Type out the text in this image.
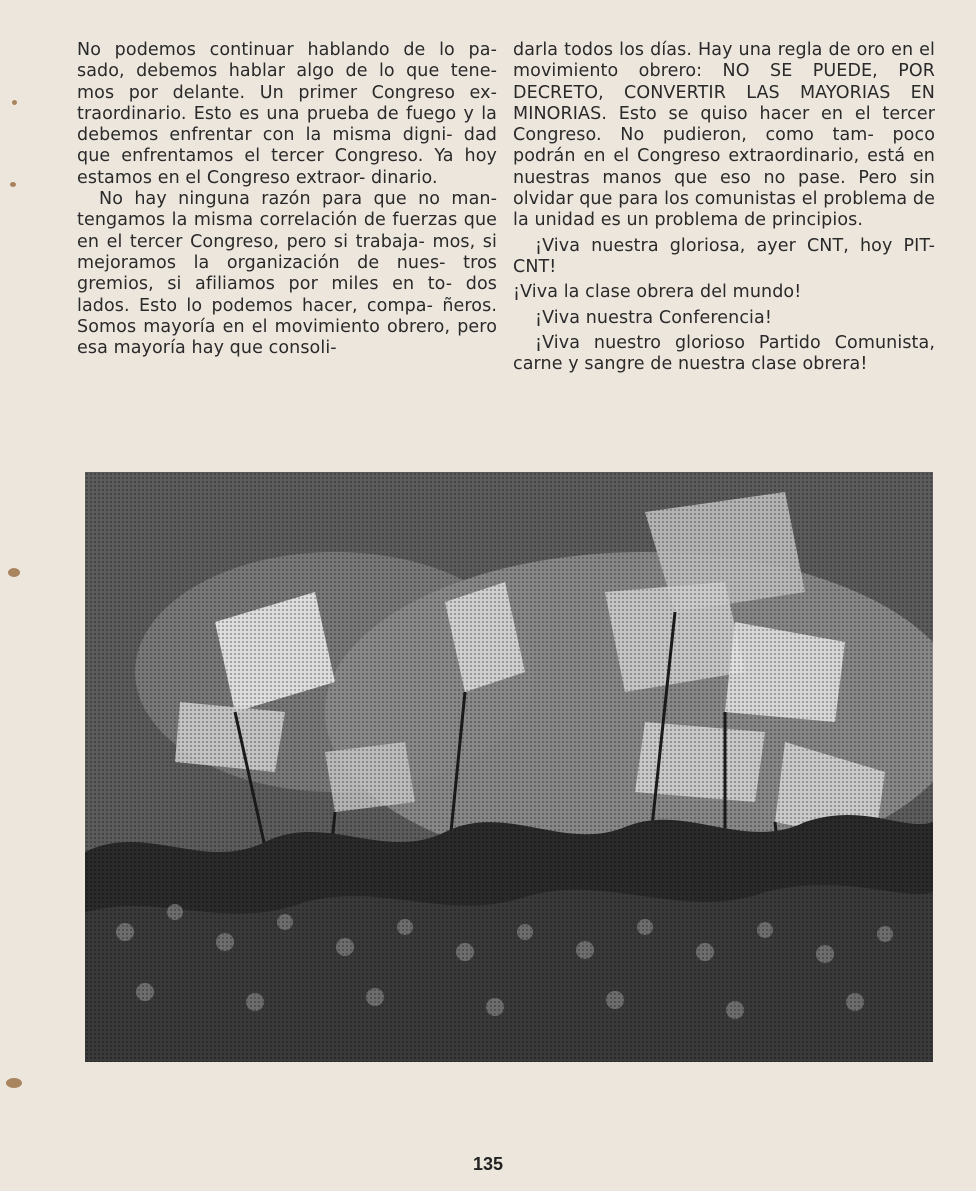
No podemos continuar hablando de lo pa- sado, debemos hablar algo de lo que tene- mos por delante. Un primer Congreso ex- traordinario. Esto es una prueba de fuego y la debemos enfrentar con la misma digni- dad que enfrentamos el tercer Congreso. Ya hoy estamos en el Congreso extraor- dinario.

No hay ninguna razón para que no man- tengamos la misma correlación de fuerzas que en el tercer Congreso, pero si trabaja- mos, si mejoramos la organización de nues- tros gremios, si afiliamos por miles en to- dos lados. Esto lo podemos hacer, compa- ñeros. Somos mayoría en el movimiento obrero, pero esa mayoría hay que consoli-

darla todos los días. Hay una regla de oro en el movimiento obrero: NO SE PUEDE, POR DECRETO, CONVERTIR LAS MAYORIAS EN MINORIAS. Esto se quiso hacer en el tercer Congreso. No pudieron, como tam- poco podrán en el Congreso extraordinario, está en nuestras manos que eso no pase. Pero sin olvidar que para los comunistas el problema de la unidad es un problema de principios.

¡Viva nuestra gloriosa, ayer CNT, hoy PIT-CNT!

¡Viva la clase obrera del mundo!

¡Viva nuestra Conferencia!

¡Viva nuestro glorioso Partido Comunista, carne y sangre de nuestra clase obrera!

135
